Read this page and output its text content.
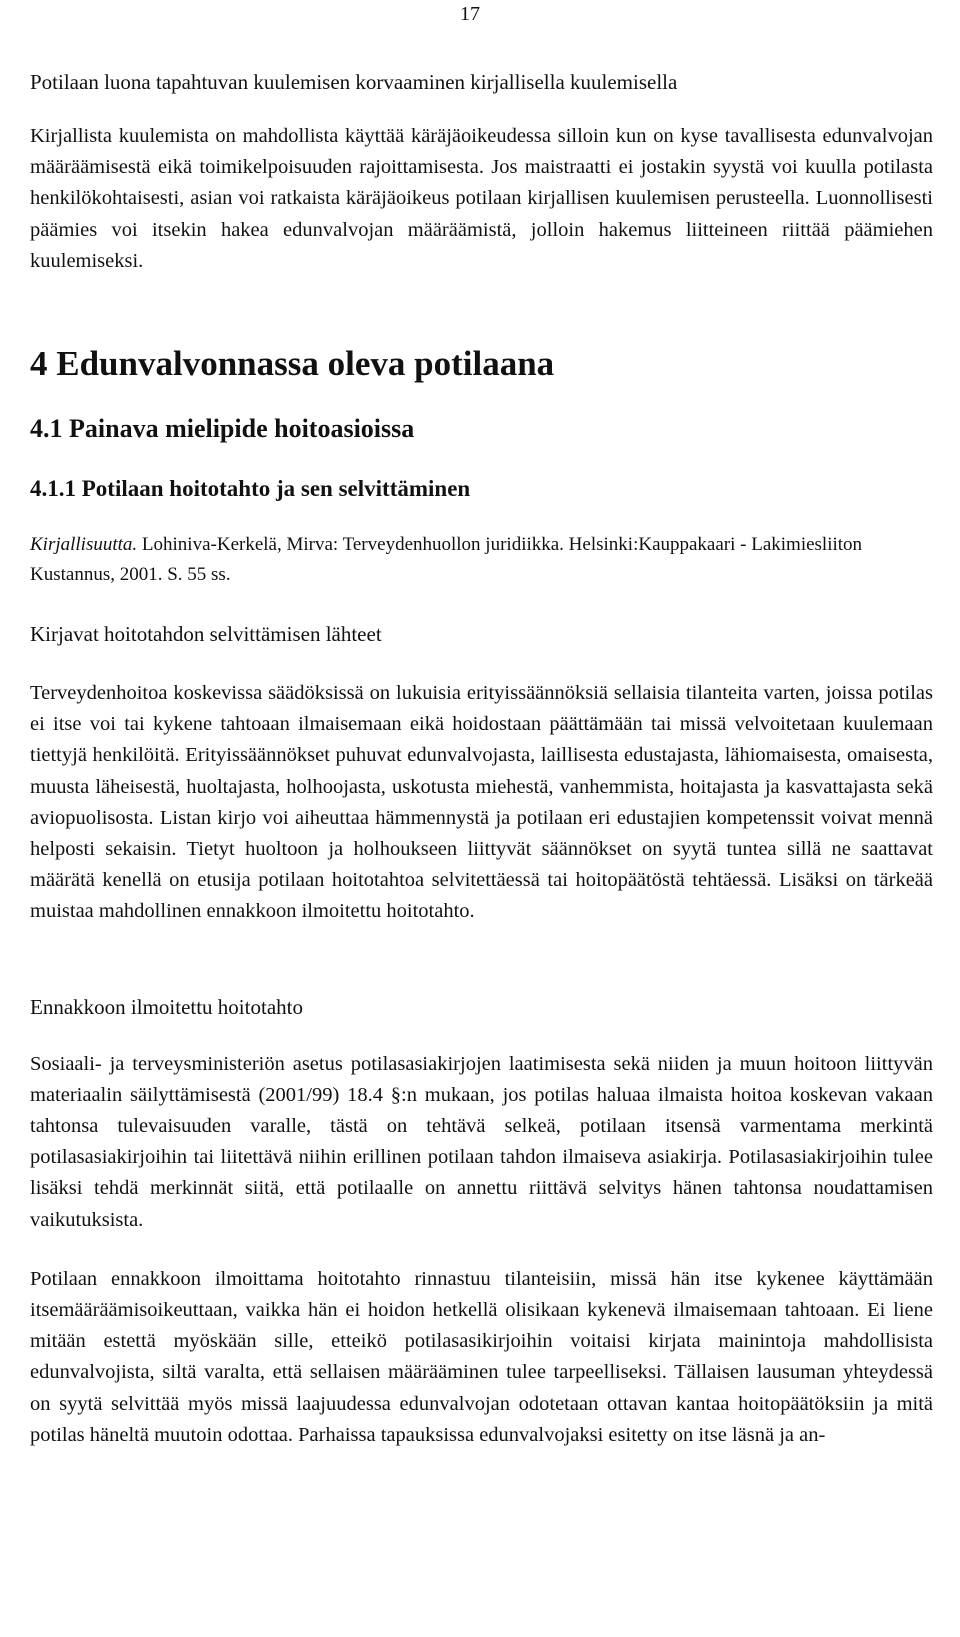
17
Potilaan luona tapahtuvan kuulemisen korvaaminen kirjallisella kuulemisella

Kirjallista kuulemista on mahdollista käyttää käräjäoikeudessa silloin kun on kyse tavallisesta edunvalvojan määräämisestä eikä toimikelpoisuuden rajoittamisesta. Jos maistraatti ei jostakin syystä voi kuulla potilasta henkilökohtaisesti, asian voi ratkaista käräjäoikeus potilaan kirjallisen kuulemisen perusteella. Luonnollisesti päämies voi itsekin hakea edunvalvojan määräämistä, jolloin hakemus liitteineen riittää päämiehen kuulemiseksi.

4 Edunvalvonnassa oleva potilaana
4.1 Painava mielipide hoitoasioissa
4.1.1 Potilaan hoitotahto ja sen selvittäminen

Kirjallisuutta. Lohiniva-Kerkelä, Mirva: Terveydenhuollon juridiikka. Helsinki:Kauppakaari - Lakimiesliiton Kustannus, 2001. S. 55 ss.

Kirjavat hoitotahdon selvittämisen lähteet

Terveydenhoitoa koskevissa säädöksissä on lukuisia erityissäännöksiä sellaisia tilanteita varten, joissa potilas ei itse voi tai kykene tahtoaan ilmaisemaan eikä hoidostaan päättämään tai missä velvoitetaan kuulemaan tiettyjä henkilöitä. Erityissäännökset puhuvat edunvalvojasta, laillisesta edustajasta, lähiomaisesta, omaisesta, muusta läheisestä, huoltajasta, holhoojasta, uskotusta miehestä, vanhemmista, hoitajasta ja kasvattajasta sekä aviopuolisosta. Listan kirjo voi aiheuttaa hämmennystä ja potilaan eri edustajien kompetenssit voivat mennä helposti sekaisin. Tietyt huoltoon ja holhoukseen liittyvät säännökset on syytä tuntea sillä ne saattavat määrätä kenellä on etusija potilaan hoitotahtoa selvitettäessä tai hoitopäätöstä tehtäessä. Lisäksi on tärkeää muistaa mahdollinen ennakkoon ilmoitettu hoitotahto.

Ennakkoon ilmoitettu hoitotahto

Sosiaali- ja terveysministeriön asetus potilasasiakirjojen laatimisesta sekä niiden ja muun hoitoon liittyvän materiaalin säilyttämisestä (2001/99) 18.4 §:n mukaan, jos potilas haluaa ilmaista hoitoa koskevan vakaan tahtonsa tulevaisuuden varalle, tästä on tehtävä selkeä, potilaan itsensä varmentama merkintä potilasasiakirjoihin tai liitettävä niihin erillinen potilaan tahdon ilmaiseva asiakirja. Potilasasiakirjoihin tulee lisäksi tehdä merkinnät siitä, että potilaalle on annettu riittävä selvitys hänen tahtonsa noudattamisen vaikutuksista.

Potilaan ennakkoon ilmoittama hoitotahto rinnastuu tilanteisiin, missä hän itse kykenee käyttämään itsemääräämisoikeuttaan, vaikka hän ei hoidon hetkellä olisikaan kykenevä ilmaisemaan tahtoaan. Ei liene mitään estettä myöskään sille, etteikö potilasasikirjoihin voitaisi kirjata mainintoja mahdollisista edunvalvojista, siltä varalta, että sellaisen määrääminen tulee tarpeelliseksi. Tällaisen lausuman yhteydessä on syytä selvittää myös missä laajuudessa edunvalvojan odotetaan ottavan kantaa hoitopäätöksiin ja mitä potilas häneltä muutoin odottaa. Parhaissa tapauksissa edunvalvojaksi esitetty on itse läsnä ja an-
